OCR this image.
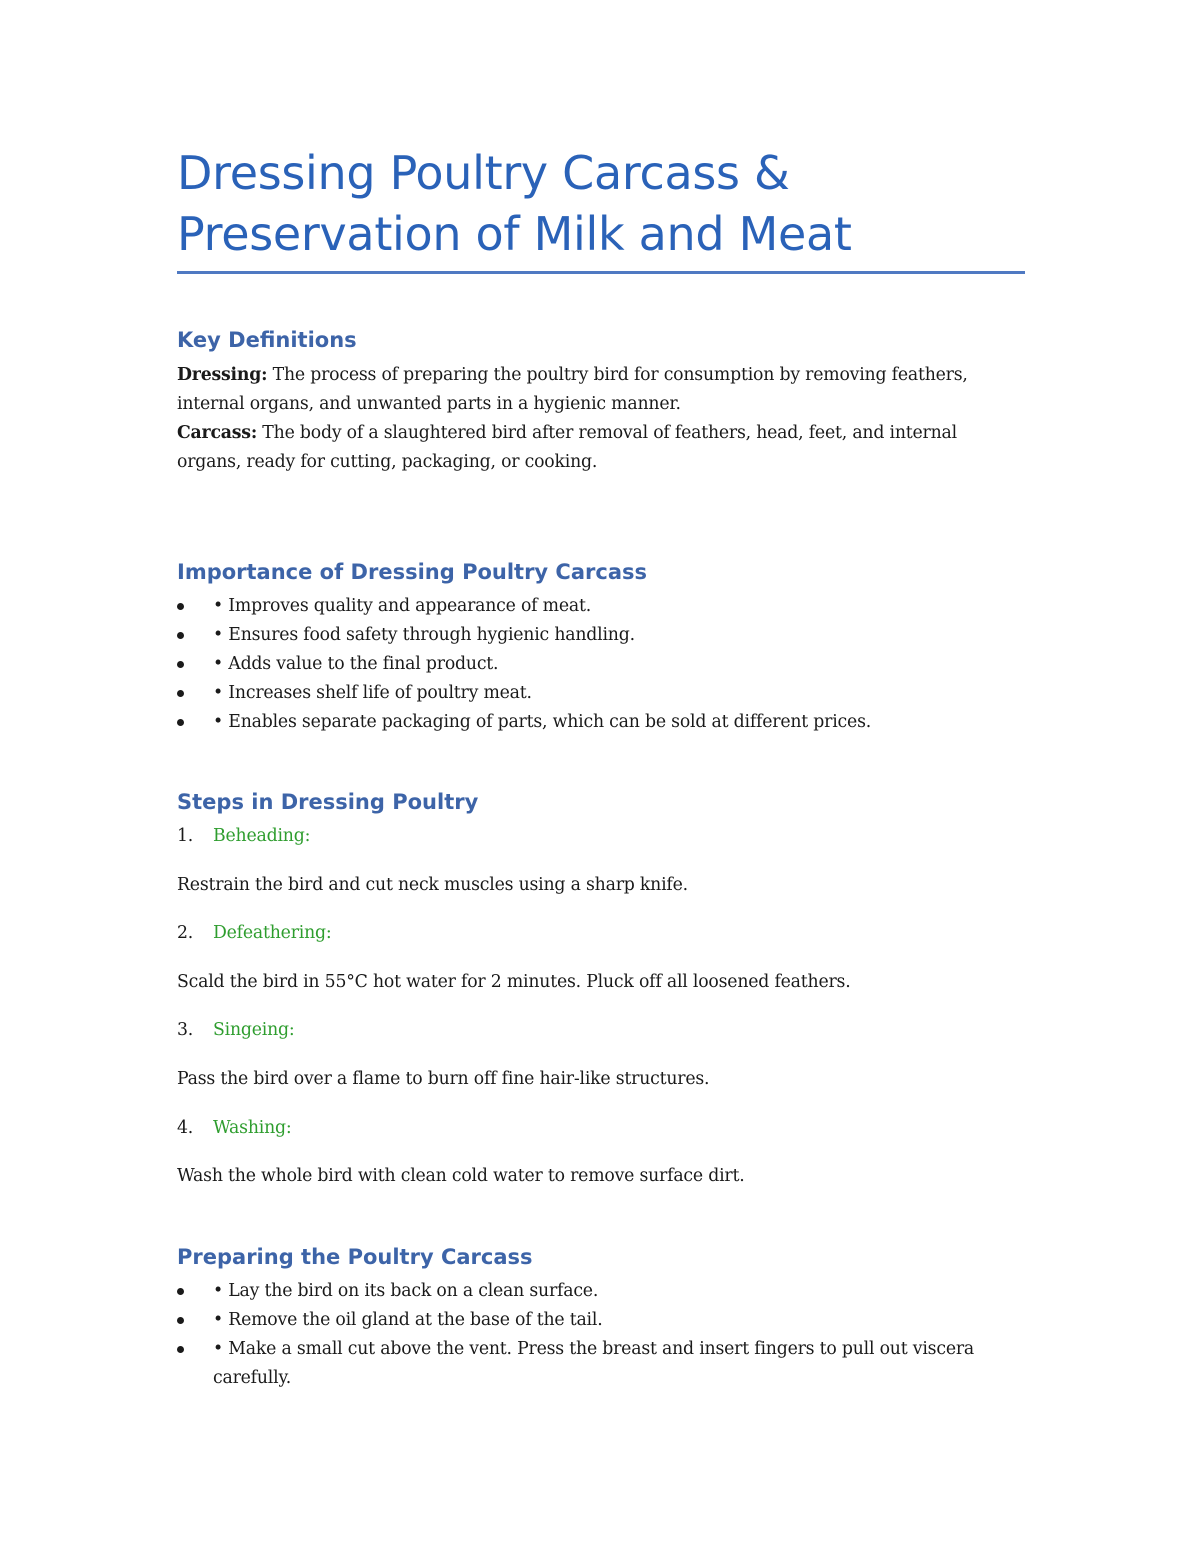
Dressing Poultry Carcass & Preservation of Milk and Meat
Key Definitions

Dressing: The process of preparing the poultry bird for consumption by removing feathers, internal organs, and unwanted parts in a hygienic manner.

Carcass: The body of a slaughtered bird after removal of feathers, head, feet, and internal organs, ready for cutting, packaging, or cooking.

Importance of Dressing Poultry Carcass
• Improves quality and appearance of meat.
• Ensures food safety through hygienic handling.
• Adds value to the final product.
• Increases shelf life of poultry meat.
• Enables separate packaging of parts, which can be sold at different prices.
Steps in Dressing Poultry

1. Beheading:

Restrain the bird and cut neck muscles using a sharp knife.

2. Defeathering:

Scald the bird in 55°C hot water for 2 minutes. Pluck off all loosened feathers.

3. Singeing:

Pass the bird over a flame to burn off fine hair-like structures.

4. Washing:

Wash the whole bird with clean cold water to remove surface dirt.

Preparing the Poultry Carcass
• Lay the bird on its back on a clean surface.
• Remove the oil gland at the base of the tail.
• Make a small cut above the vent. Press the breast and insert fingers to pull out viscera carefully.
